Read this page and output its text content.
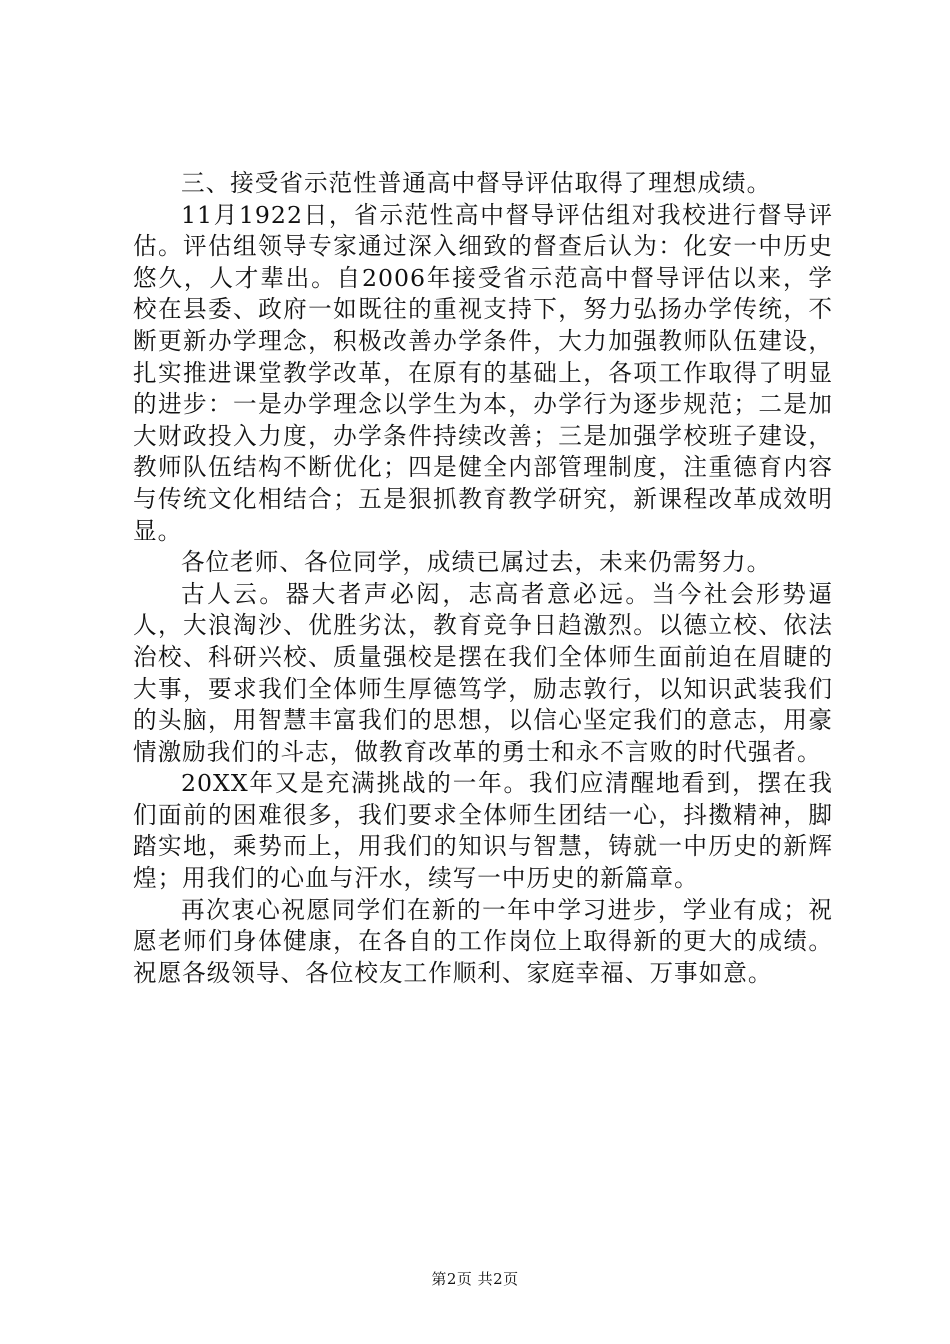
三、接受省示范性普通高中督导评估取得了理想成绩。

11月1922日，省示范性高中督导评估组对我校进行督导评估。评估组领导专家通过深入细致的督查后认为：化安一中历史悠久，人才辈出。自2006年接受省示范高中督导评估以来，学校在县委、政府一如既往的重视支持下，努力弘扬办学传统，不断更新办学理念，积极改善办学条件，大力加强教师队伍建设，扎实推进课堂教学改革，在原有的基础上，各项工作取得了明显的进步：一是办学理念以学生为本，办学行为逐步规范；二是加大财政投入力度，办学条件持续改善；三是加强学校班子建设，教师队伍结构不断优化；四是健全内部管理制度，注重德育内容与传统文化相结合；五是狠抓教育教学研究，新课程改革成效明显。

各位老师、各位同学，成绩已属过去，未来仍需努力。

古人云。器大者声必闳，志高者意必远。当今社会形势逼人，大浪淘沙、优胜劣汰，教育竞争日趋激烈。以德立校、依法治校、科研兴校、质量强校是摆在我们全体师生面前迫在眉睫的大事，要求我们全体师生厚德笃学，励志敦行，以知识武装我们的头脑，用智慧丰富我们的思想，以信心坚定我们的意志，用豪情激励我们的斗志，做教育改革的勇士和永不言败的时代强者。

20XX年又是充满挑战的一年。我们应清醒地看到，摆在我们面前的困难很多，我们要求全体师生团结一心，抖擞精神，脚踏实地，乘势而上，用我们的知识与智慧，铸就一中历史的新辉煌；用我们的心血与汗水，续写一中历史的新篇章。

再次衷心祝愿同学们在新的一年中学习进步，学业有成；祝愿老师们身体健康，在各自的工作岗位上取得新的更大的成绩。祝愿各级领导、各位校友工作顺利、家庭幸福、万事如意。

第2页 共2页
